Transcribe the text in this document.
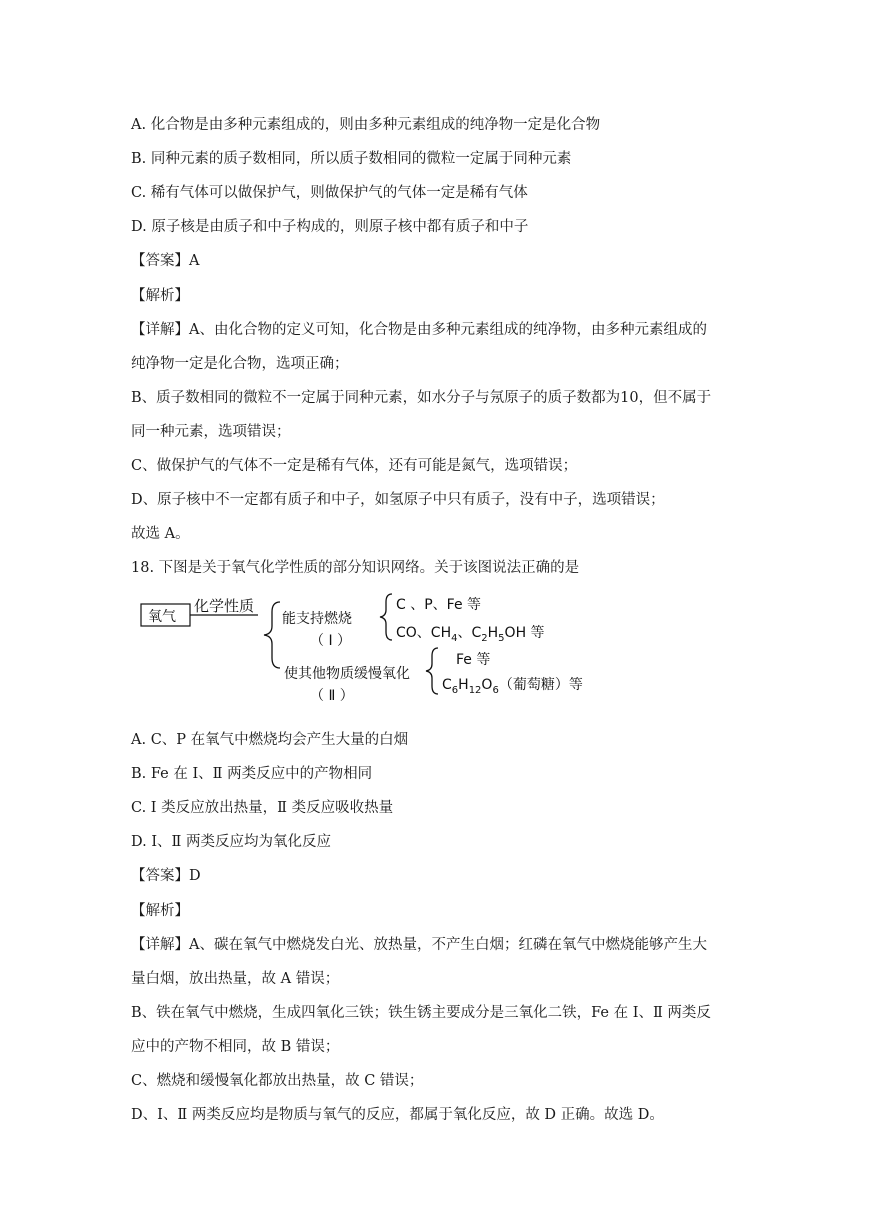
A. 化合物是由多种元素组成的，则由多种元素组成的纯净物一定是化合物
B. 同种元素的质子数相同，所以质子数相同的微粒一定属于同种元素
C. 稀有气体可以做保护气，则做保护气的气体一定是稀有气体
D. 原子核是由质子和中子构成的，则原子核中都有质子和中子
【答案】A
【解析】
【详解】A、由化合物的定义可知，化合物是由多种元素组成的纯净物，由多种元素组成的
纯净物一定是化合物，选项正确；
B、质子数相同的微粒不一定属于同种元素，如水分子与氖原子的质子数都为10，但不属于
同一种元素，选项错误；
C、做保护气的气体不一定是稀有气体，还有可能是氮气，选项错误；
D、原子核中不一定都有质子和中子，如氢原子中只有质子，没有中子，选项错误；
故选 A。
18. 下图是关于氧气化学性质的部分知识网络。关于该图说法正确的是
氧气
化学性质
能支持燃烧
（ Ⅰ ）
C 、P、Fe 等
CO、$CH_4$、$C_2H_5OH$ 等
使其他物质缓慢氧化
（ Ⅱ ）
Fe 等
$C_6H_{12}O_6$（葡萄糖）等
A. C、P 在氧气中燃烧均会产生大量的白烟
B. Fe 在 Ⅰ、Ⅱ 两类反应中的产物相同
C. Ⅰ 类反应放出热量，Ⅱ 类反应吸收热量
D. Ⅰ、Ⅱ 两类反应均为氧化反应
【答案】D
【解析】
【详解】A、碳在氧气中燃烧发白光、放热量，不产生白烟；红磷在氧气中燃烧能够产生大
量白烟，放出热量，故 A 错误；
B、铁在氧气中燃烧，生成四氧化三铁；铁生锈主要成分是三氧化二铁，Fe 在 Ⅰ、Ⅱ 两类反
应中的产物不相同，故 B 错误；
C、燃烧和缓慢氧化都放出热量，故 C 错误；
D、Ⅰ、Ⅱ 两类反应均是物质与氧气的反应，都属于氧化反应，故 D 正确。故选 D。
